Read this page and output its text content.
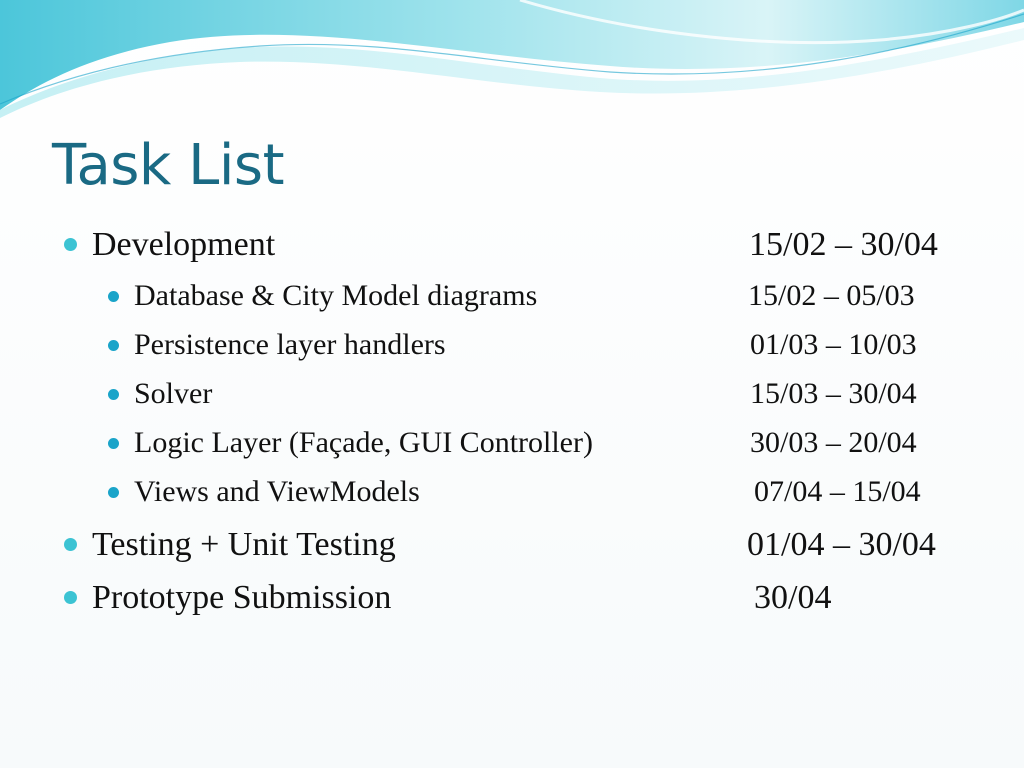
Task List
Development	15/02 – 30/04
Database & City Model diagrams	15/02 – 05/03
Persistence layer handlers	01/03 – 10/03
Solver	15/03 – 30/04
Logic Layer (Façade, GUI Controller)	30/03 – 20/04
Views and ViewModels	07/04 – 15/04
Testing + Unit Testing	01/04 – 30/04
Prototype Submission	30/04
